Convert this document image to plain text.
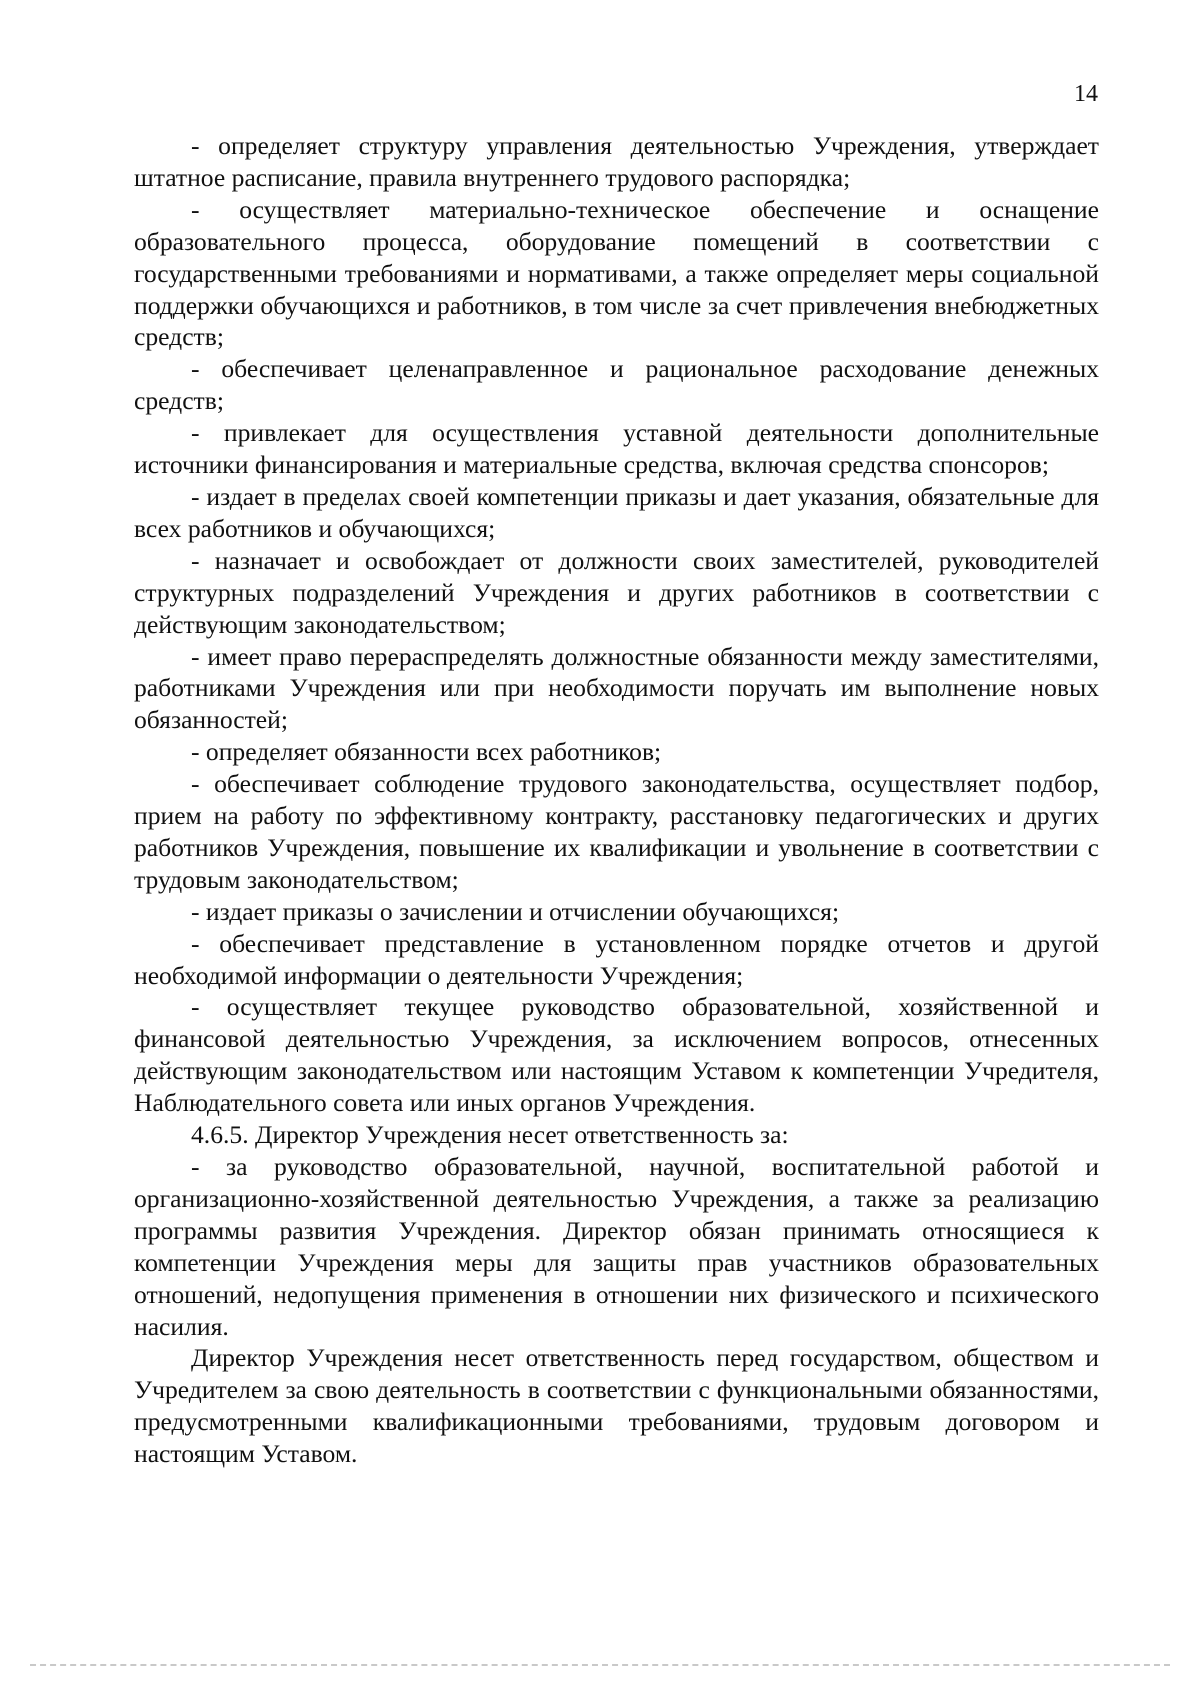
14

- определяет структуру управления деятельностью Учреждения, утверждает штатное расписание, правила внутреннего трудового распорядка;

- осуществляет материально-техническое обеспечение и оснащение образовательного процесса, оборудование помещений в соответствии с государственными требованиями и нормативами, а также определяет меры социальной поддержки обучающихся и работников, в том числе за счет привлечения внебюджетных средств;

- обеспечивает целенаправленное и рациональное расходование денежных средств;

- привлекает для осуществления уставной деятельности дополнительные источники финансирования и материальные средства, включая средства спонсоров;

- издает в пределах своей компетенции приказы и дает указания, обязательные для всех работников и обучающихся;

- назначает и освобождает от должности своих заместителей, руководителей структурных подразделений Учреждения и других работников в соответствии с действующим законодательством;

- имеет право перераспределять должностные обязанности между заместителями, работниками Учреждения или при необходимости поручать им выполнение новых обязанностей;

- определяет обязанности всех работников;

- обеспечивает соблюдение трудового законодательства, осуществляет подбор, прием на работу по эффективному контракту, расстановку педагогических и других работников Учреждения, повышение их квалификации и увольнение в соответствии с трудовым законодательством;

- издает приказы о зачислении и отчислении обучающихся;

- обеспечивает представление в установленном порядке отчетов и другой необходимой информации о деятельности Учреждения;

- осуществляет текущее руководство образовательной, хозяйственной и финансовой деятельностью Учреждения, за исключением вопросов, отнесенных действующим законодательством или настоящим Уставом к компетенции Учредителя, Наблюдательного совета или иных органов Учреждения.

4.6.5. Директор Учреждения несет ответственность за:

- за руководство образовательной, научной, воспитательной работой и организационно-хозяйственной деятельностью Учреждения, а также за реализацию программы развития Учреждения. Директор обязан принимать относящиеся к компетенции Учреждения меры для защиты прав участников образовательных отношений, недопущения применения в отношении них физического и психического насилия.

Директор Учреждения несет ответственность перед государством, обществом и Учредителем за свою деятельность в соответствии с функциональными обязанностями, предусмотренными квалификационными требованиями, трудовым договором и настоящим Уставом.
